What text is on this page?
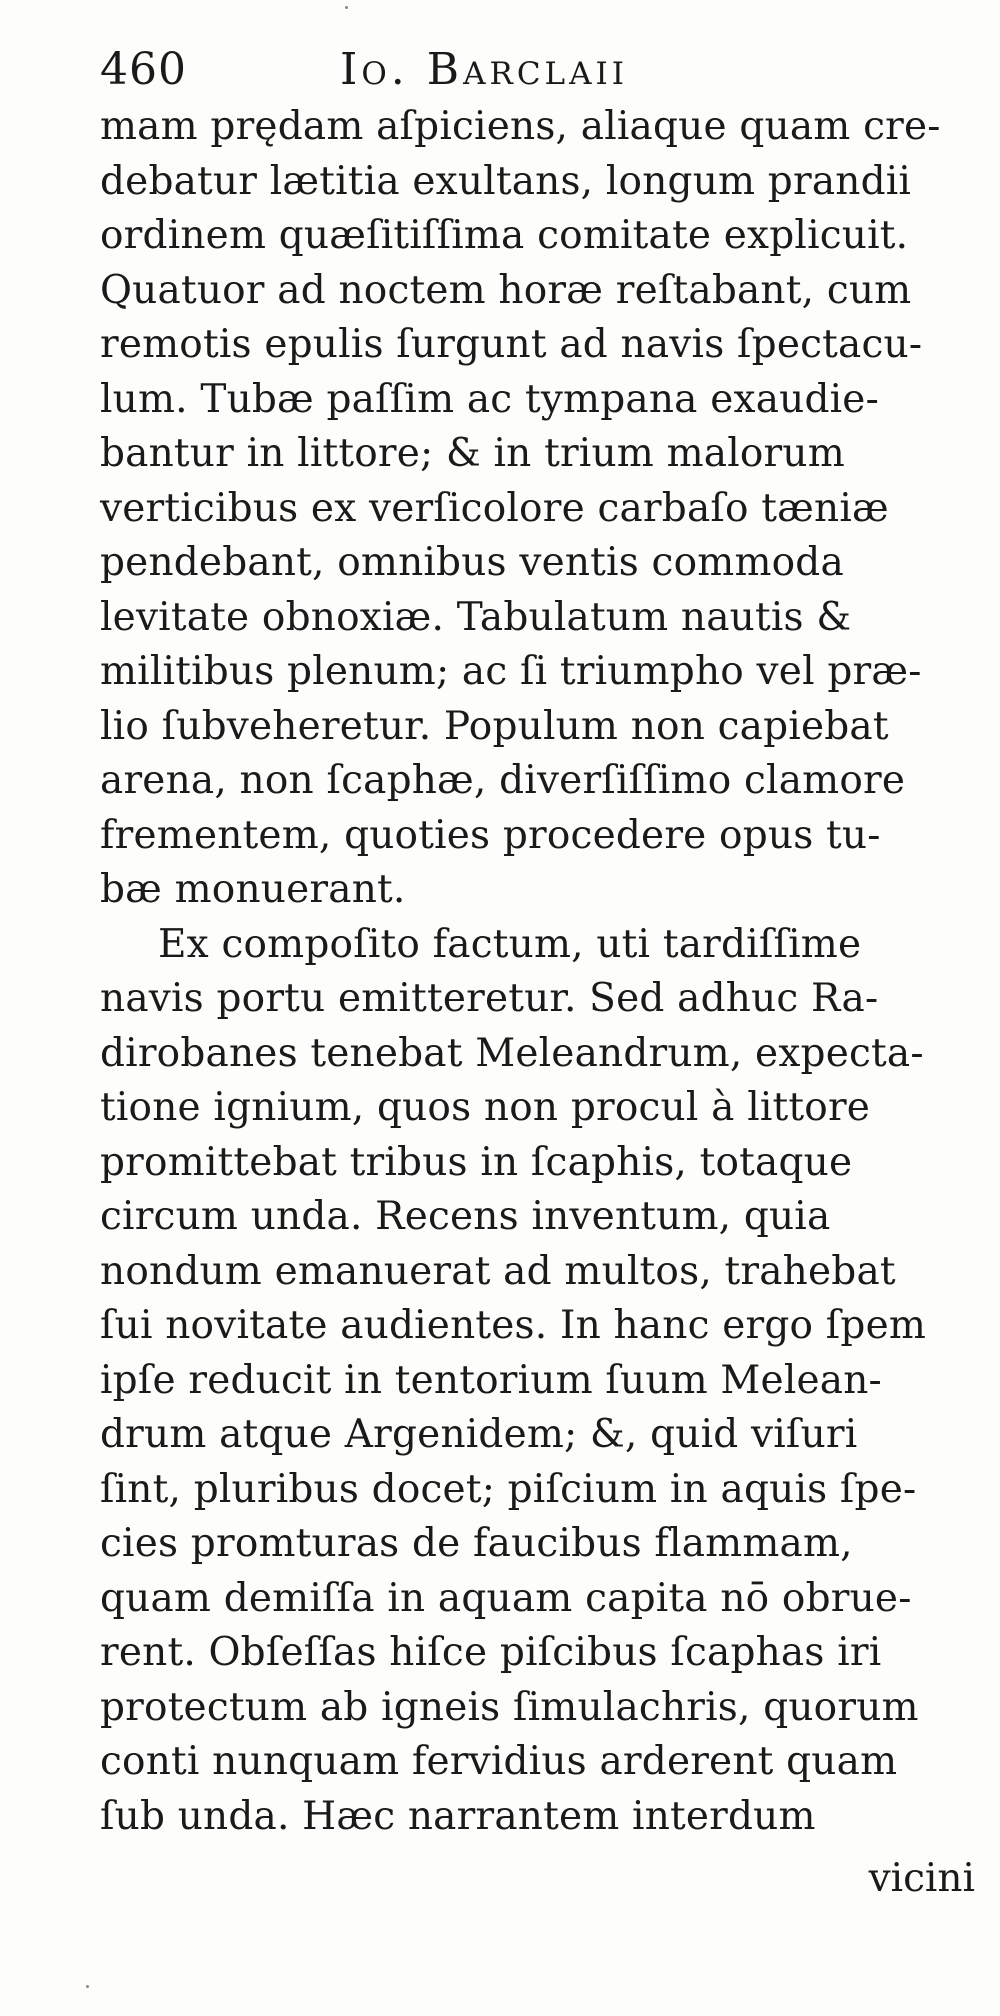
460	Io. Barclaii
mam prędam aſpiciens, aliaque quam cre-
debatur lætitia exultans, longum prandii
ordinem quæſitiſſima comitate explicuit.
Quatuor ad noctem horæ reſtabant, cum
remotis epulis ſurgunt ad navis ſpectacu-
lum. Tubæ paſſim ac tympana exaudie-
bantur in littore; & in trium malorum
verticibus ex verſicolore carbaſo tæniæ
pendebant, omnibus ventis commoda
levitate obnoxiæ. Tabulatum nautis &
militibus plenum; ac ſi triumpho vel præ-
lio ſubveheretur. Populum non capiebat
arena, non ſcaphæ, diverſiſſimo clamore
frementem, quoties procedere opus tu-
bæ monuerant.
Ex compoſito factum, uti tardiſſime
navis portu emitteretur. Sed adhuc Ra-
dirobanes tenebat Meleandrum, expecta-
tione ignium, quos non procul à littore
promittebat tribus in ſcaphis, totaque
circum unda. Recens inventum, quia
nondum emanuerat ad multos, trahebat
ſui novitate audientes. In hanc ergo ſpem
ipſe reducit in tentorium ſuum Melean-
drum atque Argenidem; &, quid viſuri
ſint, pluribus docet; piſcium in aquis ſpe-
cies promturas de faucibus flammam,
quam demiſſa in aquam capita nō obrue-
rent. Obſeſſas hiſce piſcibus ſcaphas iri
protectum ab igneis ſimulachris, quorum
conti nunquam fervidius arderent quam
ſub unda. Hæc narrantem interdum
vicini
